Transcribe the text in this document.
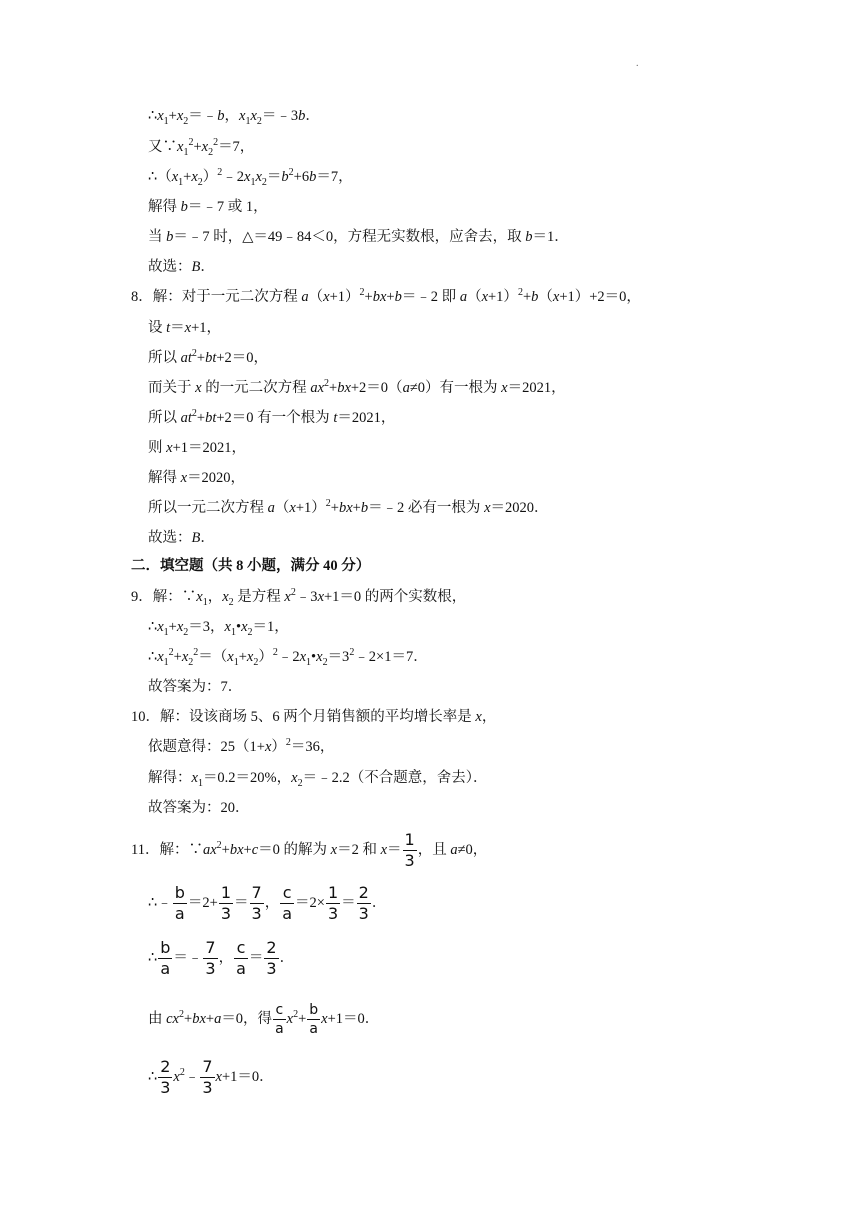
.
$\therefore x_1+x_2=﹣b$，$x_1x_2=﹣3b$．
又$\because x_1^2+x_2^2=7$，
$\therefore(x_1+x_2)^2﹣2x_1x_2=b^2+6b=7$，
解得 b＝﹣7 或 1，
当 b＝﹣7 时，△＝49﹣84＜0，方程无实数根，应舍去，取 b＝1．
故选：B．
8．解：对于一元二次方程 $a(x+1)^2+bx+b=﹣2$ 即 $a(x+1)^2+b(x+1)+2=0$，
设 t＝x+1，
所以 $at^2+bt+2=0$，
而关于 x 的一元二次方程 $ax^2+bx+2=0(a\ne 0)$有一根为 x＝2021，
所以 $at^2+bt+2=0$ 有一个根为 t＝2021，
则 x+1＝2021，
解得 x＝2020，
所以一元二次方程 $a(x+1)^2+bx+b=﹣2$ 必有一根为 x＝2020．
故选：B．
二．填空题（共 8 小题，满分 40 分）
9．解：$\because x_1$，$x_2$ 是方程 $x^2﹣3x+1=0$ 的两个实数根，
$\therefore x_1+x_2=3$，$x_1•x_2=1$，
$\therefore x_1^2+x_2^2=(x_1+x_2)^2﹣2x_1•x_2=3^2﹣2\times 1=7$．
故答案为：7．
10．解：设该商场 5、6 两个月销售额的平均增长率是 x，
依题意得：$25(1+x)^2=36$，
解得：$x_1=0.2=20\%$，$x_2=﹣2.2$（不合题意，舍去）．
故答案为：20．
11．解：$\because ax^2+bx+c=0$ 的解为 x＝2 和 $x= \frac{1}{3}$ ，且 a≠0，
∴﹣ $\frac{b}{a} =2+ \frac{1}{3} = \frac{7}{3}$ ， $\frac{c}{a} =2\times \frac{1}{3} = \frac{2}{3}$ ．
∴ $\frac{b}{a}$ ＝﹣ $\frac{7}{3}$ ， $\frac{c}{a} = \frac{2}{3}$ ．
由 $cx^2+bx+a=0$，得 $\frac{c}{a} x^2+ \frac{b}{a} x+1=0$．
∴ $\frac{2}{3}$ $x^2﹣ \frac{7}{3} x+1=0$．
